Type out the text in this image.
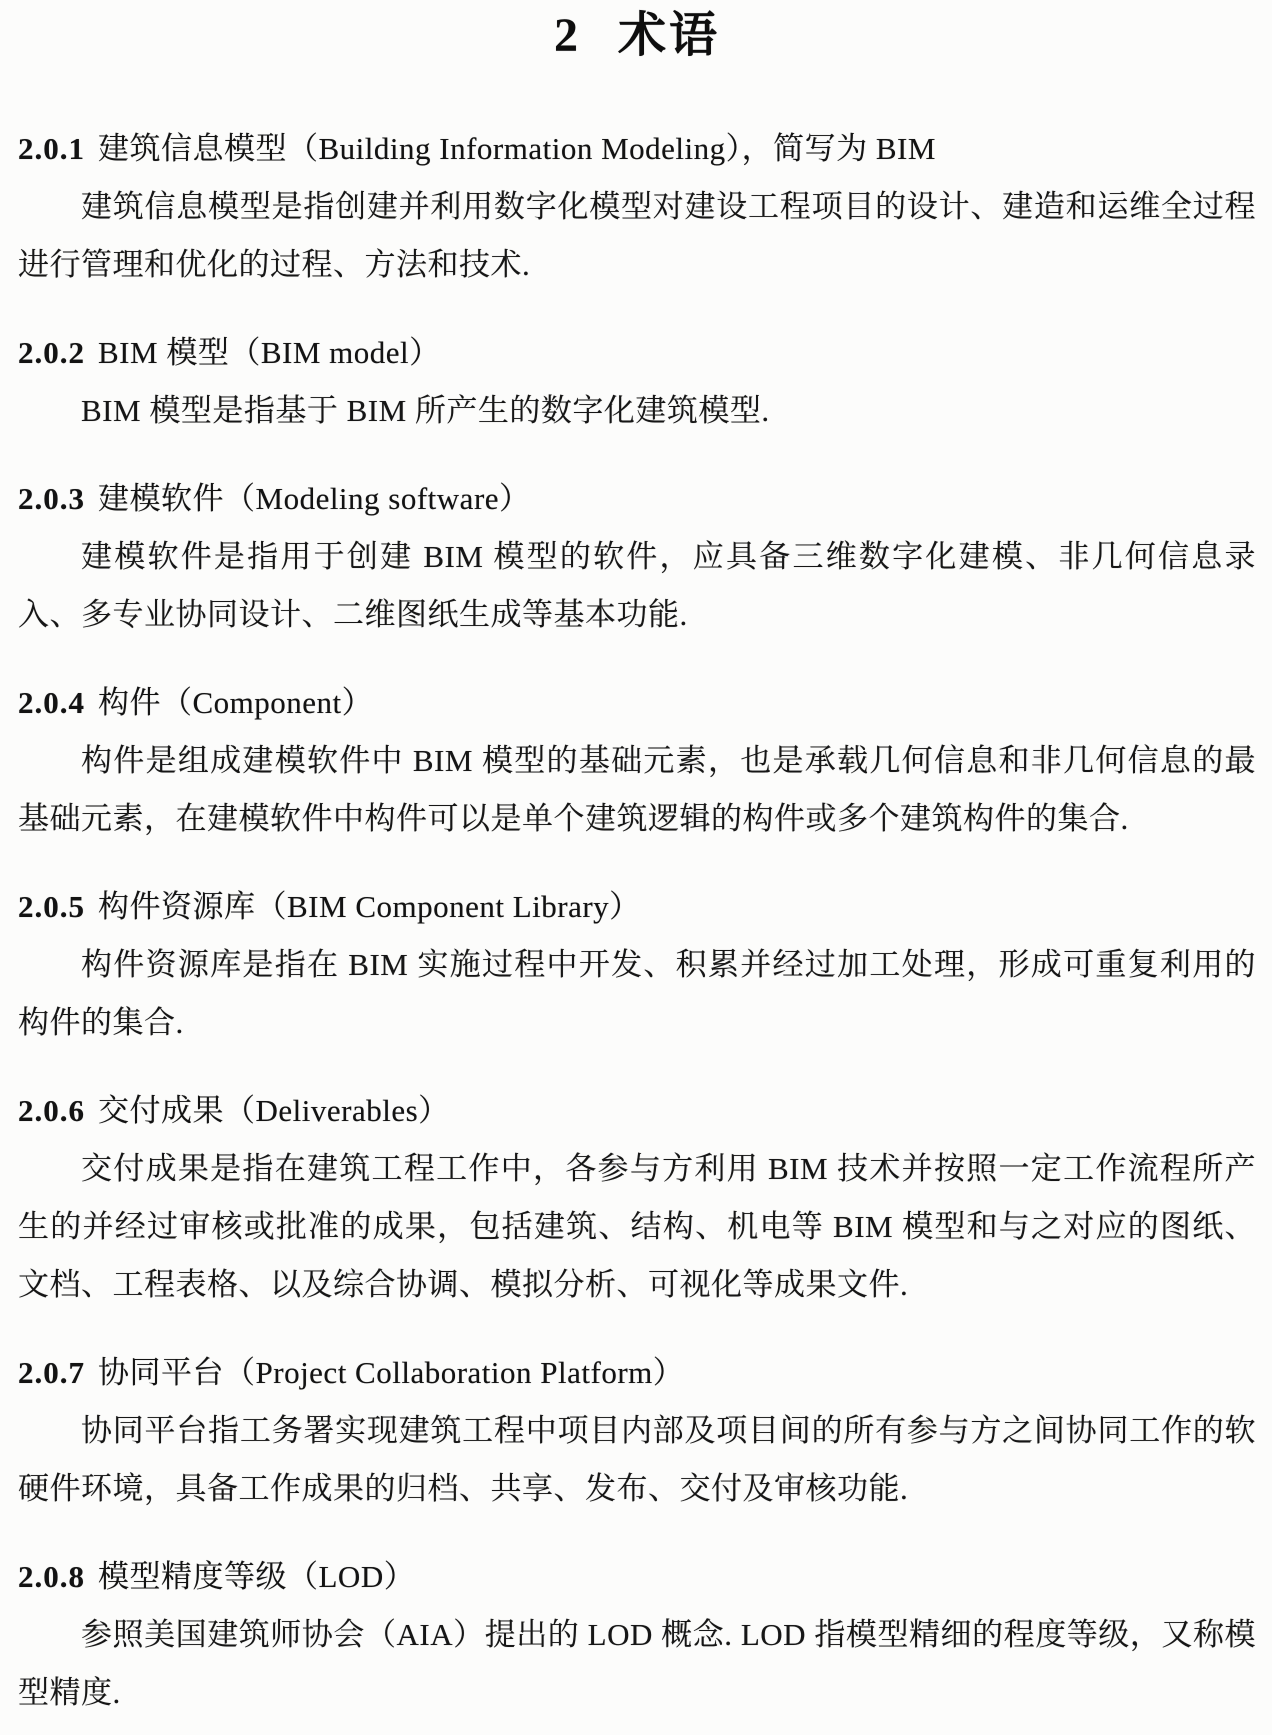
2 术语
2.0.1 建筑信息模型（Building Information Modeling），简写为 BIM

建筑信息模型是指创建并利用数字化模型对建设工程项目的设计、建造和运维全过程进行管理和优化的过程、方法和技术.

2.0.2 BIM 模型（BIM model）

BIM 模型是指基于 BIM 所产生的数字化建筑模型.

2.0.3 建模软件（Modeling software）

建模软件是指用于创建 BIM 模型的软件，应具备三维数字化建模、非几何信息录入、多专业协同设计、二维图纸生成等基本功能.

2.0.4 构件（Component）

构件是组成建模软件中 BIM 模型的基础元素，也是承载几何信息和非几何信息的最基础元素，在建模软件中构件可以是单个建筑逻辑的构件或多个建筑构件的集合.

2.0.5 构件资源库（BIM Component Library）

构件资源库是指在 BIM 实施过程中开发、积累并经过加工处理，形成可重复利用的构件的集合.

2.0.6 交付成果（Deliverables）

交付成果是指在建筑工程工作中，各参与方利用 BIM 技术并按照一定工作流程所产生的并经过审核或批准的成果，包括建筑、结构、机电等 BIM 模型和与之对应的图纸、文档、工程表格、以及综合协调、模拟分析、可视化等成果文件.

2.0.7 协同平台（Project Collaboration Platform）

协同平台指工务署实现建筑工程中项目内部及项目间的所有参与方之间协同工作的软硬件环境，具备工作成果的归档、共享、发布、交付及审核功能.

2.0.8 模型精度等级（LOD）

参照美国建筑师协会（AIA）提出的 LOD 概念. LOD 指模型精细的程度等级，又称模型精度.
